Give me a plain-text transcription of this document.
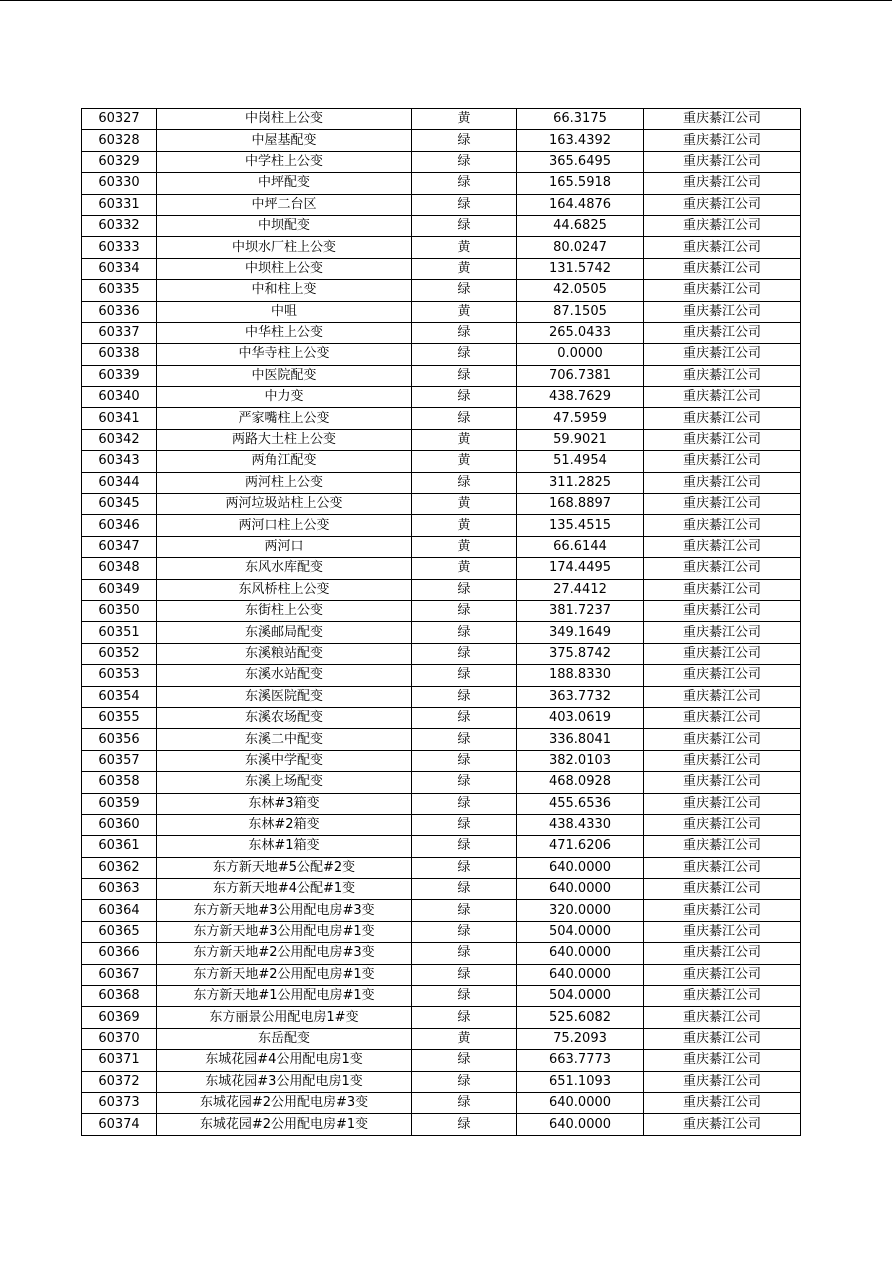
60327	中岗柱上公变	黄	66.3175	重庆綦江公司
60328	中屋基配变	绿	163.4392	重庆綦江公司
60329	中学柱上公变	绿	365.6495	重庆綦江公司
60330	中坪配变	绿	165.5918	重庆綦江公司
60331	中坪二台区	绿	164.4876	重庆綦江公司
60332	中坝配变	绿	44.6825	重庆綦江公司
60333	中坝水厂柱上公变	黄	80.0247	重庆綦江公司
60334	中坝柱上公变	黄	131.5742	重庆綦江公司
60335	中和柱上变	绿	42.0505	重庆綦江公司
60336	中咀	黄	87.1505	重庆綦江公司
60337	中华柱上公变	绿	265.0433	重庆綦江公司
60338	中华寺柱上公变	绿	0.0000	重庆綦江公司
60339	中医院配变	绿	706.7381	重庆綦江公司
60340	中力变	绿	438.7629	重庆綦江公司
60341	严家嘴柱上公变	绿	47.5959	重庆綦江公司
60342	两路大土柱上公变	黄	59.9021	重庆綦江公司
60343	两角江配变	黄	51.4954	重庆綦江公司
60344	两河柱上公变	绿	311.2825	重庆綦江公司
60345	两河垃圾站柱上公变	黄	168.8897	重庆綦江公司
60346	两河口柱上公变	黄	135.4515	重庆綦江公司
60347	两河口	黄	66.6144	重庆綦江公司
60348	东风水库配变	黄	174.4495	重庆綦江公司
60349	东风桥柱上公变	绿	27.4412	重庆綦江公司
60350	东街柱上公变	绿	381.7237	重庆綦江公司
60351	东溪邮局配变	绿	349.1649	重庆綦江公司
60352	东溪粮站配变	绿	375.8742	重庆綦江公司
60353	东溪水站配变	绿	188.8330	重庆綦江公司
60354	东溪医院配变	绿	363.7732	重庆綦江公司
60355	东溪农场配变	绿	403.0619	重庆綦江公司
60356	东溪二中配变	绿	336.8041	重庆綦江公司
60357	东溪中学配变	绿	382.0103	重庆綦江公司
60358	东溪上场配变	绿	468.0928	重庆綦江公司
60359	东林#3箱变	绿	455.6536	重庆綦江公司
60360	东林#2箱变	绿	438.4330	重庆綦江公司
60361	东林#1箱变	绿	471.6206	重庆綦江公司
60362	东方新天地#5公配#2变	绿	640.0000	重庆綦江公司
60363	东方新天地#4公配#1变	绿	640.0000	重庆綦江公司
60364	东方新天地#3公用配电房#3变	绿	320.0000	重庆綦江公司
60365	东方新天地#3公用配电房#1变	绿	504.0000	重庆綦江公司
60366	东方新天地#2公用配电房#3变	绿	640.0000	重庆綦江公司
60367	东方新天地#2公用配电房#1变	绿	640.0000	重庆綦江公司
60368	东方新天地#1公用配电房#1变	绿	504.0000	重庆綦江公司
60369	东方丽景公用配电房1#变	绿	525.6082	重庆綦江公司
60370	东岳配变	黄	75.2093	重庆綦江公司
60371	东城花园#4公用配电房1变	绿	663.7773	重庆綦江公司
60372	东城花园#3公用配电房1变	绿	651.1093	重庆綦江公司
60373	东城花园#2公用配电房#3变	绿	640.0000	重庆綦江公司
60374	东城花园#2公用配电房#1变	绿	640.0000	重庆綦江公司
